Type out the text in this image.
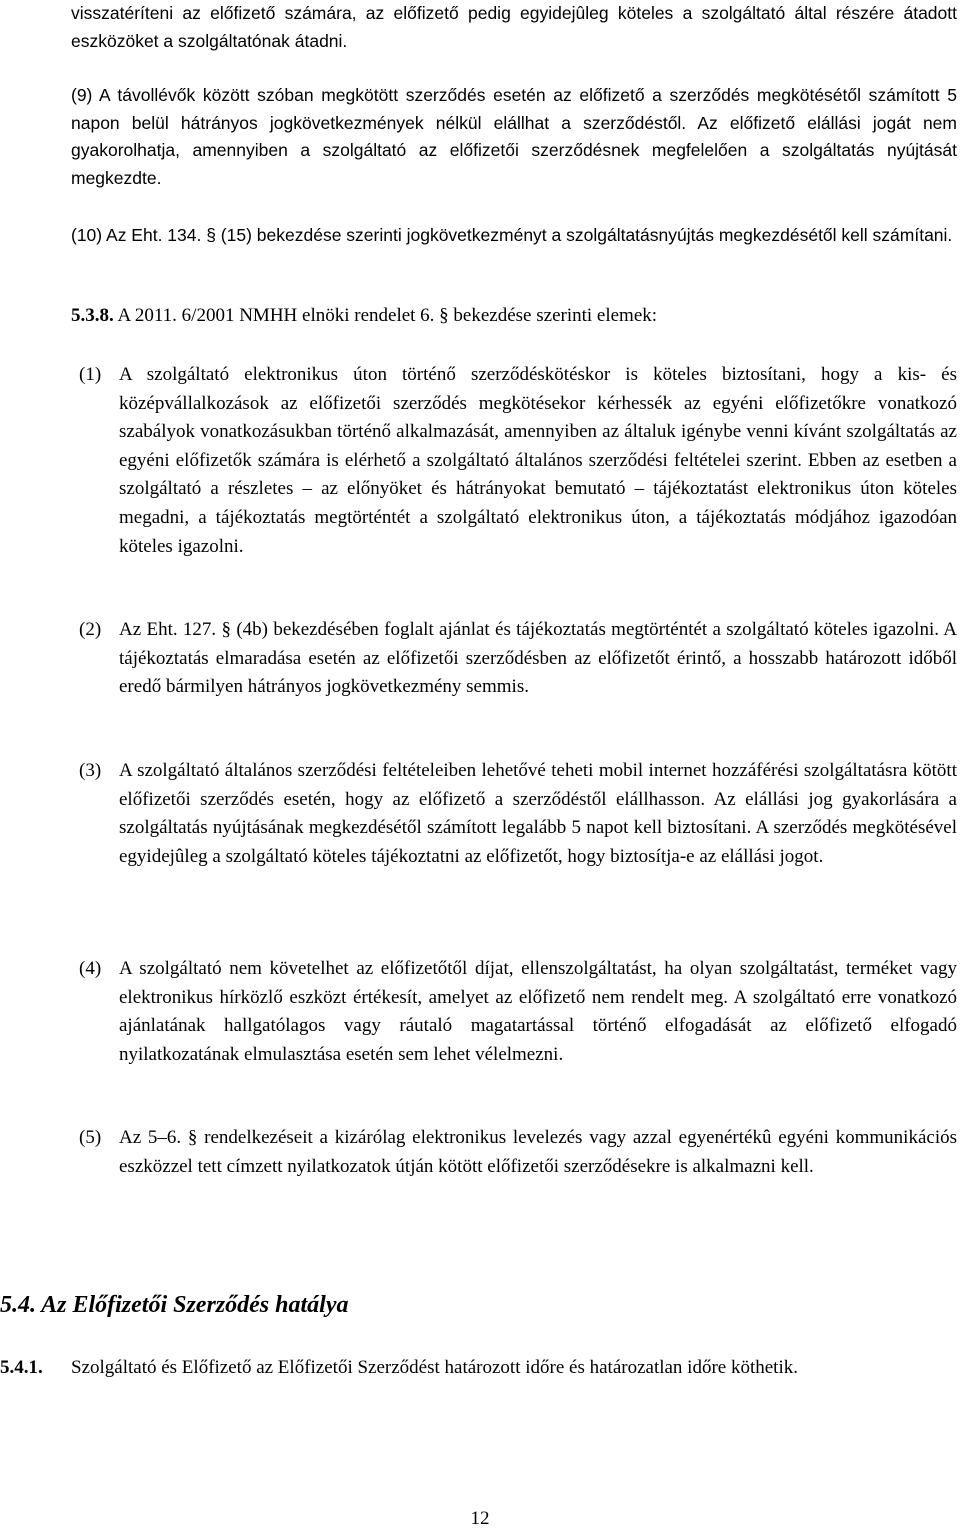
visszatéríteni az előfizető számára, az előfizető pedig egyidejûleg köteles a szolgáltató által részére átadott eszközöket a szolgáltatónak átadni.

(9) A távollévők között szóban megkötött szerződés esetén az előfizető a szerződés megkötésétől számított 5 napon belül hátrányos jogkövetkezmények nélkül elállhat a szerződéstől. Az előfizető elállási jogát nem gyakorolhatja, amennyiben a szolgáltató az előfizetői szerződésnek megfelelően a szolgáltatás nyújtását megkezdte.

(10) Az Eht. 134. § (15) bekezdése szerinti jogkövetkezményt a szolgáltatásnyújtás megkezdésétől kell számítani.

5.3.8. A 2011. 6/2001 NMHH elnöki rendelet 6. § bekezdése szerinti elemek:

(1) A szolgáltató elektronikus úton történő szerződéskötéskor is köteles biztosítani, hogy a kis- és középvállalkozások az előfizetői szerződés megkötésekor kérhessék az egyéni előfizetőkre vonatkozó szabályok vonatkozásukban történő alkalmazását, amennyiben az általuk igénybe venni kívánt szolgáltatás az egyéni előfizetők számára is elérhető a szolgáltató általános szerződési feltételei szerint. Ebben az esetben a szolgáltató a részletes – az előnyöket és hátrányokat bemutató – tájékoztatást elektronikus úton köteles megadni, a tájékoztatás megtörténtét a szolgáltató elektronikus úton, a tájékoztatás módjához igazodóan köteles igazolni.

(2) Az Eht. 127. § (4b) bekezdésében foglalt ajánlat és tájékoztatás megtörténtét a szolgáltató köteles igazolni. A tájékoztatás elmaradása esetén az előfizetői szerződésben az előfizetőt érintő, a hosszabb határozott időből eredő bármilyen hátrányos jogkövetkezmény semmis.

(3) A szolgáltató általános szerződési feltételeiben lehetővé teheti mobil internet hozzáférési szolgáltatásra kötött előfizetői szerződés esetén, hogy az előfizető a szerződéstől elállhasson. Az elállási jog gyakorlására a szolgáltatás nyújtásának megkezdésétől számított legalább 5 napot kell biztosítani. A szerződés megkötésével egyidejûleg a szolgáltató köteles tájékoztatni az előfizetőt, hogy biztosítja-e az elállási jogot.

(4) A szolgáltató nem követelhet az előfizetőtől díjat, ellenszolgáltatást, ha olyan szolgáltatást, terméket vagy elektronikus hírközlő eszközt értékesít, amelyet az előfizető nem rendelt meg. A szolgáltató erre vonatkozó ajánlatának hallgatólagos vagy ráutaló magatartással történő elfogadását az előfizető elfogadó nyilatkozatának elmulasztása esetén sem lehet vélelmezni.

(5) Az 5–6. § rendelkezéseit a kizárólag elektronikus levelezés vagy azzal egyenértékû egyéni kommunikációs eszközzel tett címzett nyilatkozatok útján kötött előfizetői szerződésekre is alkalmazni kell.

5.4. Az Előfizetői Szerződés hatálya
5.4.1. Szolgáltató és Előfizető az Előfizetői Szerződést határozott időre és határozatlan időre köthetik.

12
